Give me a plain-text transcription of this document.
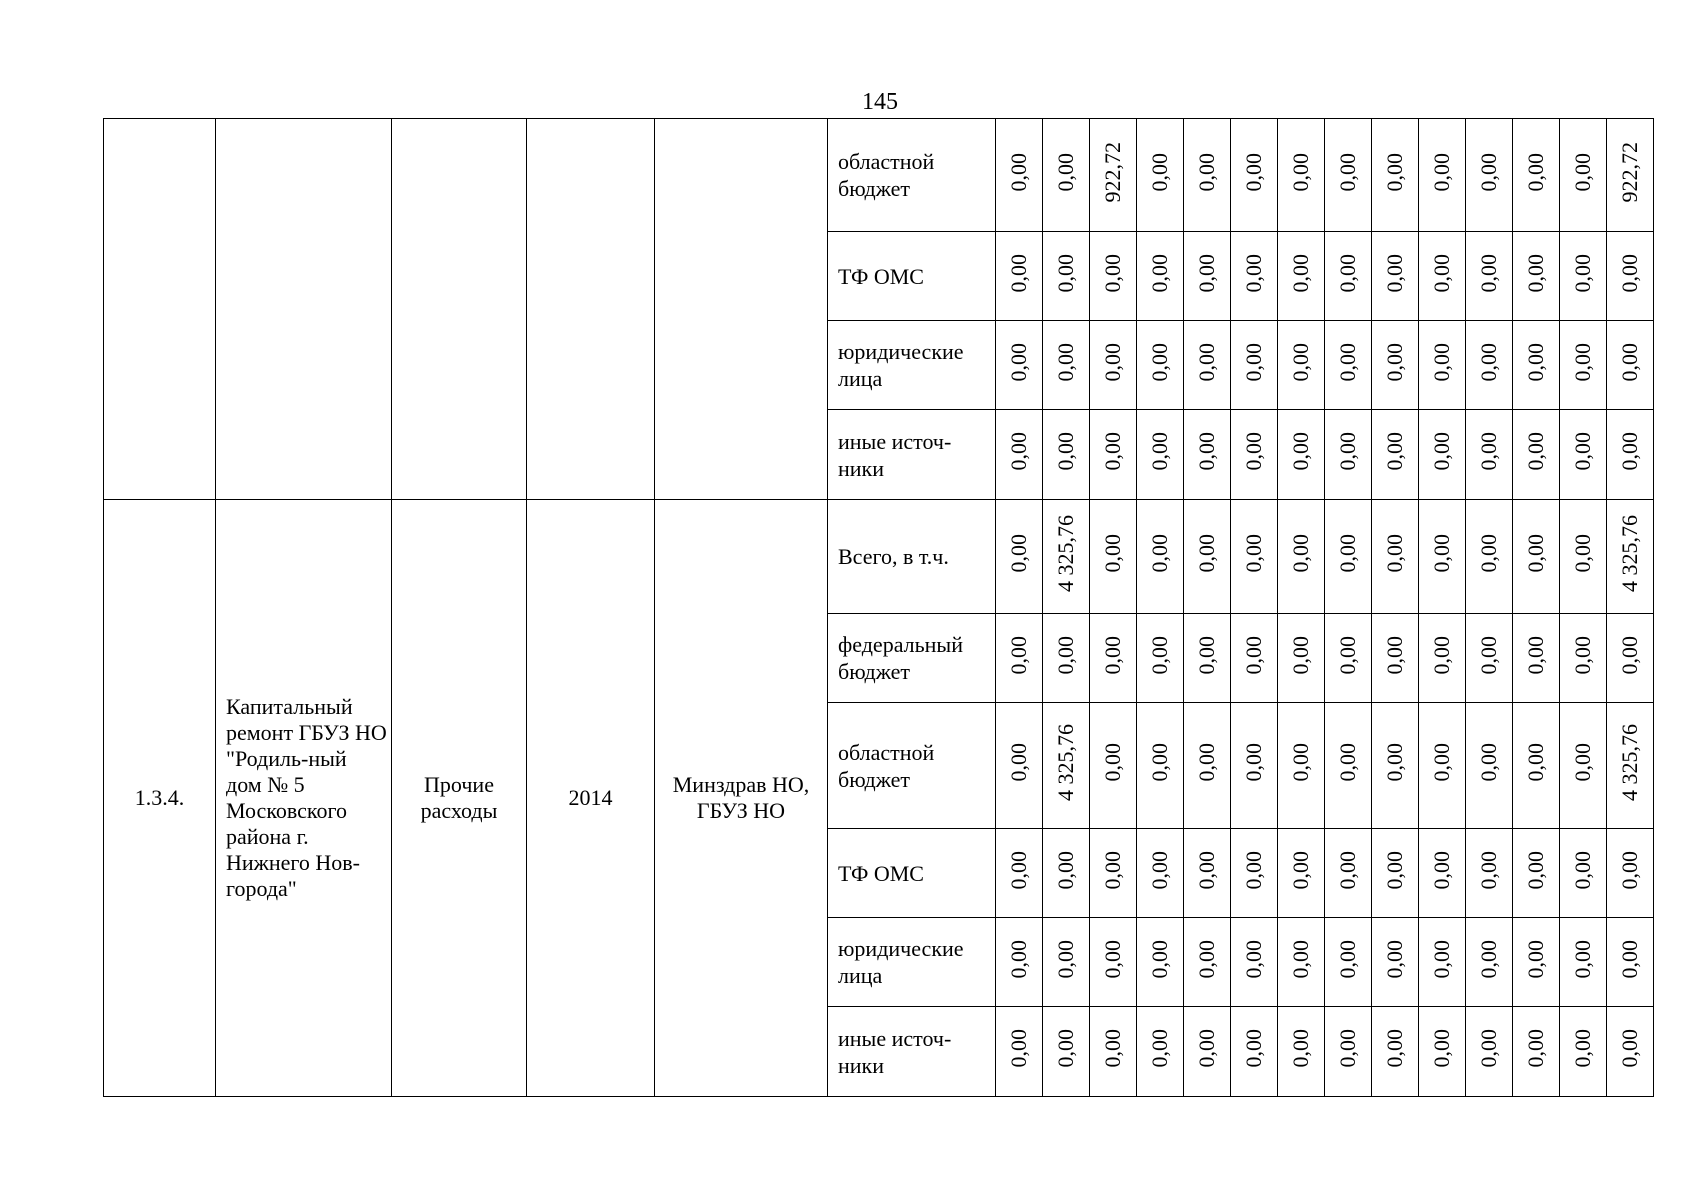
145
					областной бюджет	0,00	0,00	922,72	0,00	0,00	0,00	0,00	0,00	0,00	0,00	0,00	0,00	0,00	922,72
					ТФ ОМС	0,00	0,00	0,00	0,00	0,00	0,00	0,00	0,00	0,00	0,00	0,00	0,00	0,00	0,00
					юридические лица	0,00	0,00	0,00	0,00	0,00	0,00	0,00	0,00	0,00	0,00	0,00	0,00	0,00	0,00
					иные источ-ники	0,00	0,00	0,00	0,00	0,00	0,00	0,00	0,00	0,00	0,00	0,00	0,00	0,00	0,00
1.3.4.	Капитальный ремонт ГБУЗ НО "Родиль-ный дом № 5 Московского района г. Нижнего Нов-города"	Прочие расходы	2014	Минздрав НО, ГБУЗ НО	Всего, в т.ч.	0,00	4 325,76	0,00	0,00	0,00	0,00	0,00	0,00	0,00	0,00	0,00	0,00	0,00	4 325,76
					федеральный бюджет	0,00	0,00	0,00	0,00	0,00	0,00	0,00	0,00	0,00	0,00	0,00	0,00	0,00	0,00
					областной бюджет	0,00	4 325,76	0,00	0,00	0,00	0,00	0,00	0,00	0,00	0,00	0,00	0,00	0,00	4 325,76
					ТФ ОМС	0,00	0,00	0,00	0,00	0,00	0,00	0,00	0,00	0,00	0,00	0,00	0,00	0,00	0,00
					юридические лица	0,00	0,00	0,00	0,00	0,00	0,00	0,00	0,00	0,00	0,00	0,00	0,00	0,00	0,00
					иные источ-ники	0,00	0,00	0,00	0,00	0,00	0,00	0,00	0,00	0,00	0,00	0,00	0,00	0,00	0,00
